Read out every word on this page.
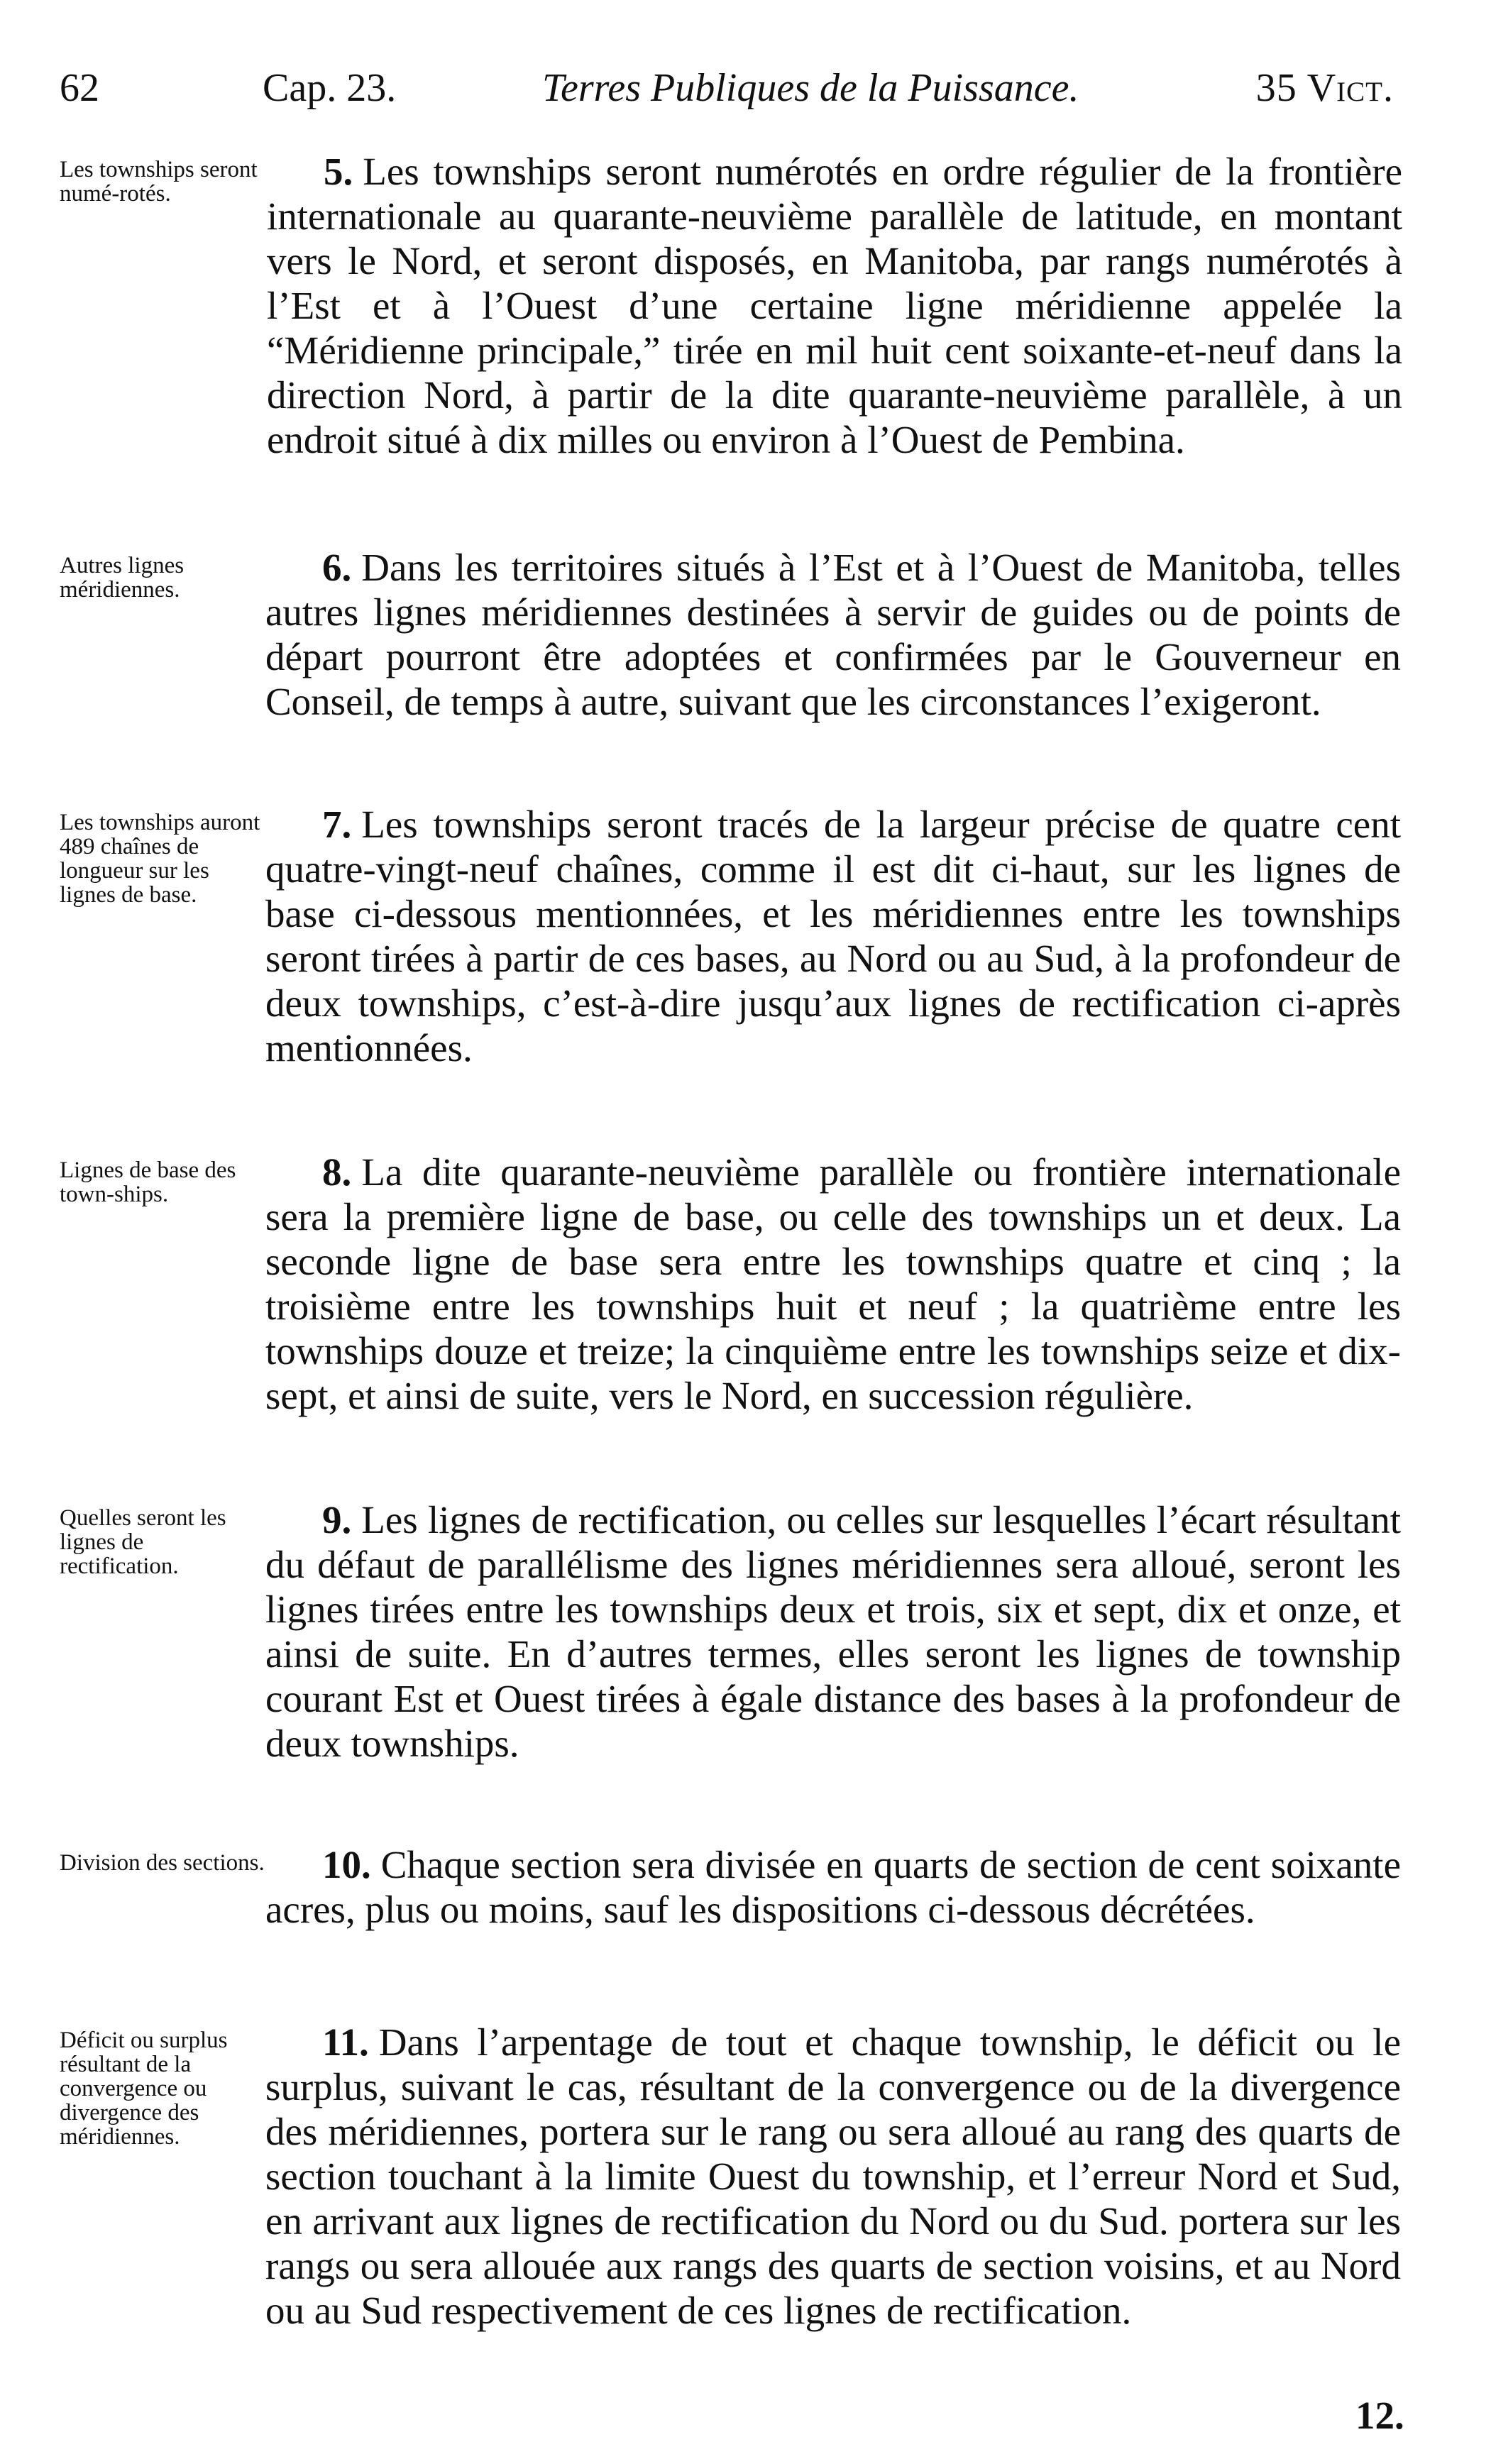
62	Cap. 23.	Terres Publiques de la Puissance.	35 Vict.
Les townships seront numé-rotés.
5. Les townships seront numérotés en ordre régulier de la frontière internationale au quarante-neuvième parallèle de latitude, en montant vers le Nord, et seront disposés, en Manitoba, par rangs numérotés à l’Est et à l’Ouest d’une certaine ligne méridienne appelée la “Méridienne principale,” tirée en mil huit cent soixante-et-neuf dans la direction Nord, à partir de la dite quarante-neuvième parallèle, à un endroit situé à dix milles ou environ à l’Ouest de Pembina.
Autres lignes méridiennes.
6. Dans les territoires situés à l’Est et à l’Ouest de Manitoba, telles autres lignes méridiennes destinées à servir de guides ou de points de départ pourront être adoptées et confirmées par le Gouverneur en Conseil, de temps à autre, suivant que les circonstances l’exigeront.
Les townships auront 489 chaînes de longueur sur les lignes de base.
7. Les townships seront tracés de la largeur précise de quatre cent quatre-vingt-neuf chaînes, comme il est dit ci-haut, sur les lignes de base ci-dessous mentionnées, et les méridiennes entre les townships seront tirées à partir de ces bases, au Nord ou au Sud, à la profondeur de deux townships, c’est-à-dire jusqu’aux lignes de rectification ci-après mentionnées.
Lignes de base des town-ships.
8. La dite quarante-neuvième parallèle ou frontière internationale sera la première ligne de base, ou celle des townships un et deux. La seconde ligne de base sera entre les townships quatre et cinq ; la troisième entre les townships huit et neuf ; la quatrième entre les townships douze et treize; la cinquième entre les townships seize et dix-sept, et ainsi de suite, vers le Nord, en succession régulière.
Quelles seront les lignes de rectification.
9. Les lignes de rectification, ou celles sur lesquelles l’écart résultant du défaut de parallélisme des lignes méridiennes sera alloué, seront les lignes tirées entre les townships deux et trois, six et sept, dix et onze, et ainsi de suite. En d’autres termes, elles seront les lignes de township courant Est et Ouest tirées à égale distance des bases à la profondeur de deux townships.
Division des sections.	10. Chaque section sera divisée en quarts de section de cent soixante acres, plus ou moins, sauf les dispositions ci-dessous décrétées.
Déficit ou surplus résultant de la convergence ou divergence des méridiennes.
11. Dans l’arpentage de tout et chaque township, le déficit ou le surplus, suivant le cas, résultant de la convergence ou de la divergence des méridiennes, portera sur le rang ou sera alloué au rang des quarts de section touchant à la limite Ouest du township, et l’erreur Nord et Sud, en arrivant aux lignes de rectification du Nord ou du Sud. portera sur les rangs ou sera allouée aux rangs des quarts de section voisins, et au Nord ou au Sud respectivement de ces lignes de rectification.
12.
